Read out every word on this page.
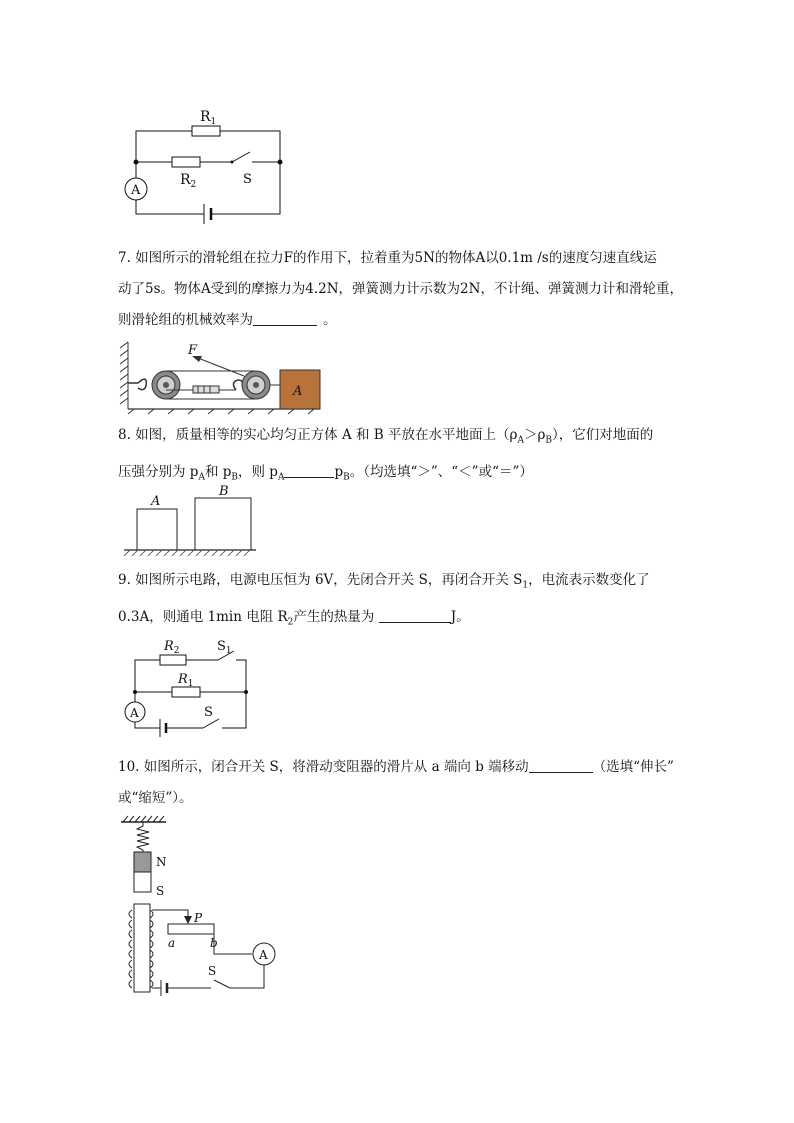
$R_1$
$R_2$	S
A
7. 如图所示的滑轮组在拉力F的作用下，拉着重为5N的物体A以0.1m /s的速度匀速直线运
动了5s。物体A受到的摩擦力为4.2N，弹簧测力计示数为2N，不计绳、弹簧测力计和滑轮重，
则滑轮组的机械效率为	。
F
A
8. 如图，质量相等的实心均匀正方体 A 和 B 平放在水平地面上$(\rho_A>\rho_B)$，它们对地面的
压强分别为 $p_A$和 $p_B$，则 $p_A$	$p_B$。（均选填“＞”、“＜”或“＝”）
A
B
9. 如图所示电路，电源电压恒为 6V，先闭合开关 S，再闭合开关 $S_1$，电流表示数变化了
0.3A，则通电 1min 电阻 $R_2$产生的热量为	J。
$R_2$	$S_1$
$R_1$
A	S
10. 如图所示，闭合开关 S，将滑动变阻器的滑片从 a 端向 b 端移动	（选填“伸长”
或“缩短”）。
N
S
P
a	b
A
S
